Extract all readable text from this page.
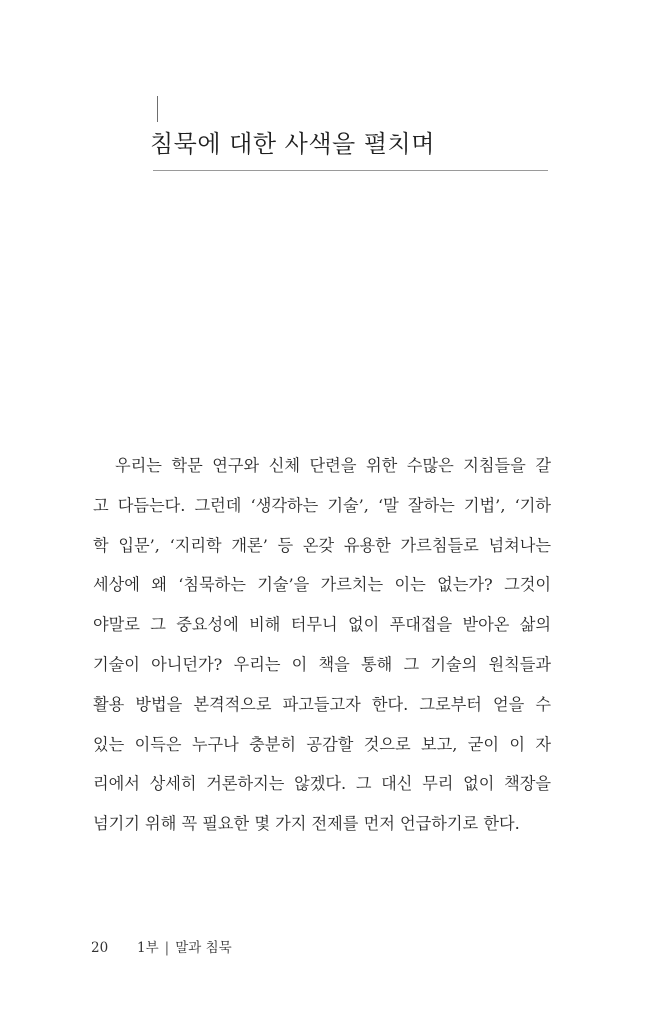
침묵에 대한 사색을 펼치며
우리는 학문 연구와 신체 단련을 위한 수많은 지침들을 갈
고 다듬는다. 그런데 ‘생각하는 기술’, ‘말 잘하는 기법’, ‘기하
학 입문’, ‘지리학 개론’ 등 온갖 유용한 가르침들로 넘쳐나는
세상에 왜 ‘침묵하는 기술’을 가르치는 이는 없는가? 그것이
야말로 그 중요성에 비해 터무니 없이 푸대접을 받아온 삶의
기술이 아니던가? 우리는 이 책을 통해 그 기술의 원칙들과
활용 방법을 본격적으로 파고들고자 한다. 그로부터 얻을 수
있는 이득은 누구나 충분히 공감할 것으로 보고, 굳이 이 자
리에서 상세히 거론하지는 않겠다. 그 대신 무리 없이 책장을
넘기기 위해 꼭 필요한 몇 가지 전제를 먼저 언급하기로 한다.
20 1부 | 말과 침묵
